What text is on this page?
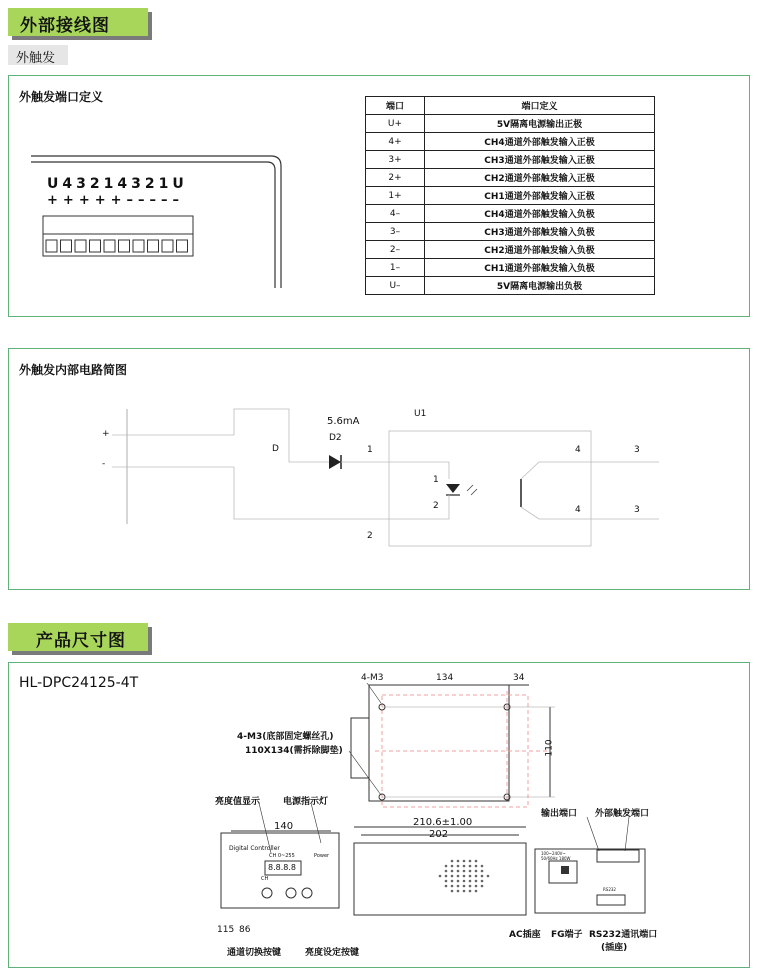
外部接线图
外触发
外触发端口定义
U43214321U
+++++–––––
端口	端口定义
U+	5V隔离电源输出正极
4+	CH4通道外部触发输入正极
3+	CH3通道外部触发输入正极
2+	CH2通道外部触发输入正极
1+	CH1通道外部触发输入正极
4–	CH4通道外部触发输入负极
3–	CH3通道外部触发输入负极
2–	CH2通道外部触发输入负极
1–	CH1通道外部触发输入负极
U–	5V隔离电源输出负极
外触发内部电路简图
+
-
D
5.6mA
D2
U1
1
2
1
2
4
4
3
3
产品尺寸图
HL-DPC24125-4T	4-M3	134	34
110
4-M3(底部固定螺丝孔)
110X134(需拆除脚垫)
亮度值显示	电源指示灯
140	210.6±1.00
202
Digital Controller
CH 0~255
8.8.8.8
Power
CH
115 86
通道切换按键	亮度设定按键
输出端口 外部触发端口
100~240V~
50/60Hz 180W
RS232
AC插座 FG端子 RS232通讯端口
(插座)
